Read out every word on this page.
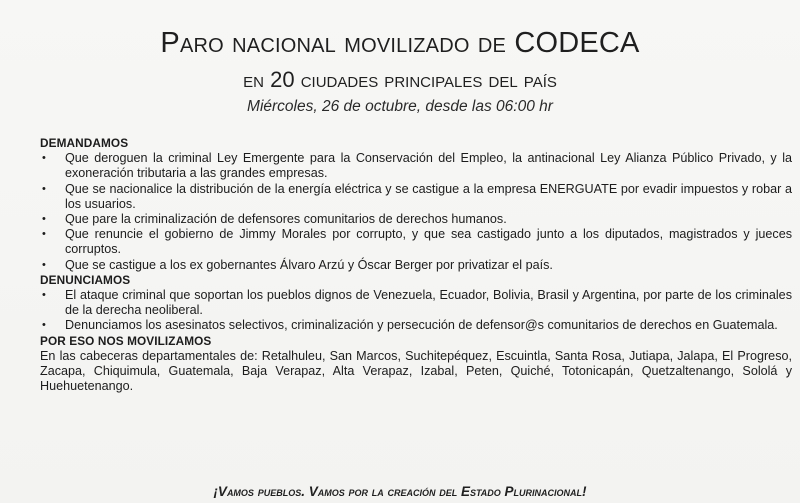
Paro nacional movilizado de CODECA
en 20 ciudades principales del país
Miércoles, 26 de octubre, desde las 06:00 hr
DEMANDAMOS
• Que deroguen la criminal Ley Emergente para la Conservación del Empleo, la antinacional Ley Alianza Público Privado, y la exoneración tributaria a las grandes empresas.
• Que se nacionalice la distribución de la energía eléctrica y se castigue a la empresa ENERGUATE por evadir impuestos y robar a los usuarios.
• Que pare la criminalización de defensores comunitarios de derechos humanos.
• Que renuncie el gobierno de Jimmy Morales por corrupto, y que sea castigado junto a los diputados, magistrados y jueces corruptos.
• Que se castigue a los ex gobernantes Álvaro Arzú y Óscar Berger por privatizar el país.
DENUNCIAMOS
• El ataque criminal que soportan los pueblos dignos de Venezuela, Ecuador, Bolivia, Brasil y Argentina, por parte de los criminales de la derecha neoliberal.
• Denunciamos los asesinatos selectivos, criminalización y persecución de defensor@s comunitarios de derechos en Guatemala.
POR ESO NOS MOVILIZAMOS

En las cabeceras departamentales de: Retalhuleu, San Marcos, Suchitepéquez, Escuintla, Santa Rosa, Jutiapa, Jalapa, El Progreso, Zacapa, Chiquimula, Guatemala, Baja Verapaz, Alta Verapaz, Izabal, Peten, Quiché, Totonicapán, Quetzaltenango, Sololá y Huehuetenango.

¡Vamos pueblos. Vamos por la creación del Estado Plurinacional!
